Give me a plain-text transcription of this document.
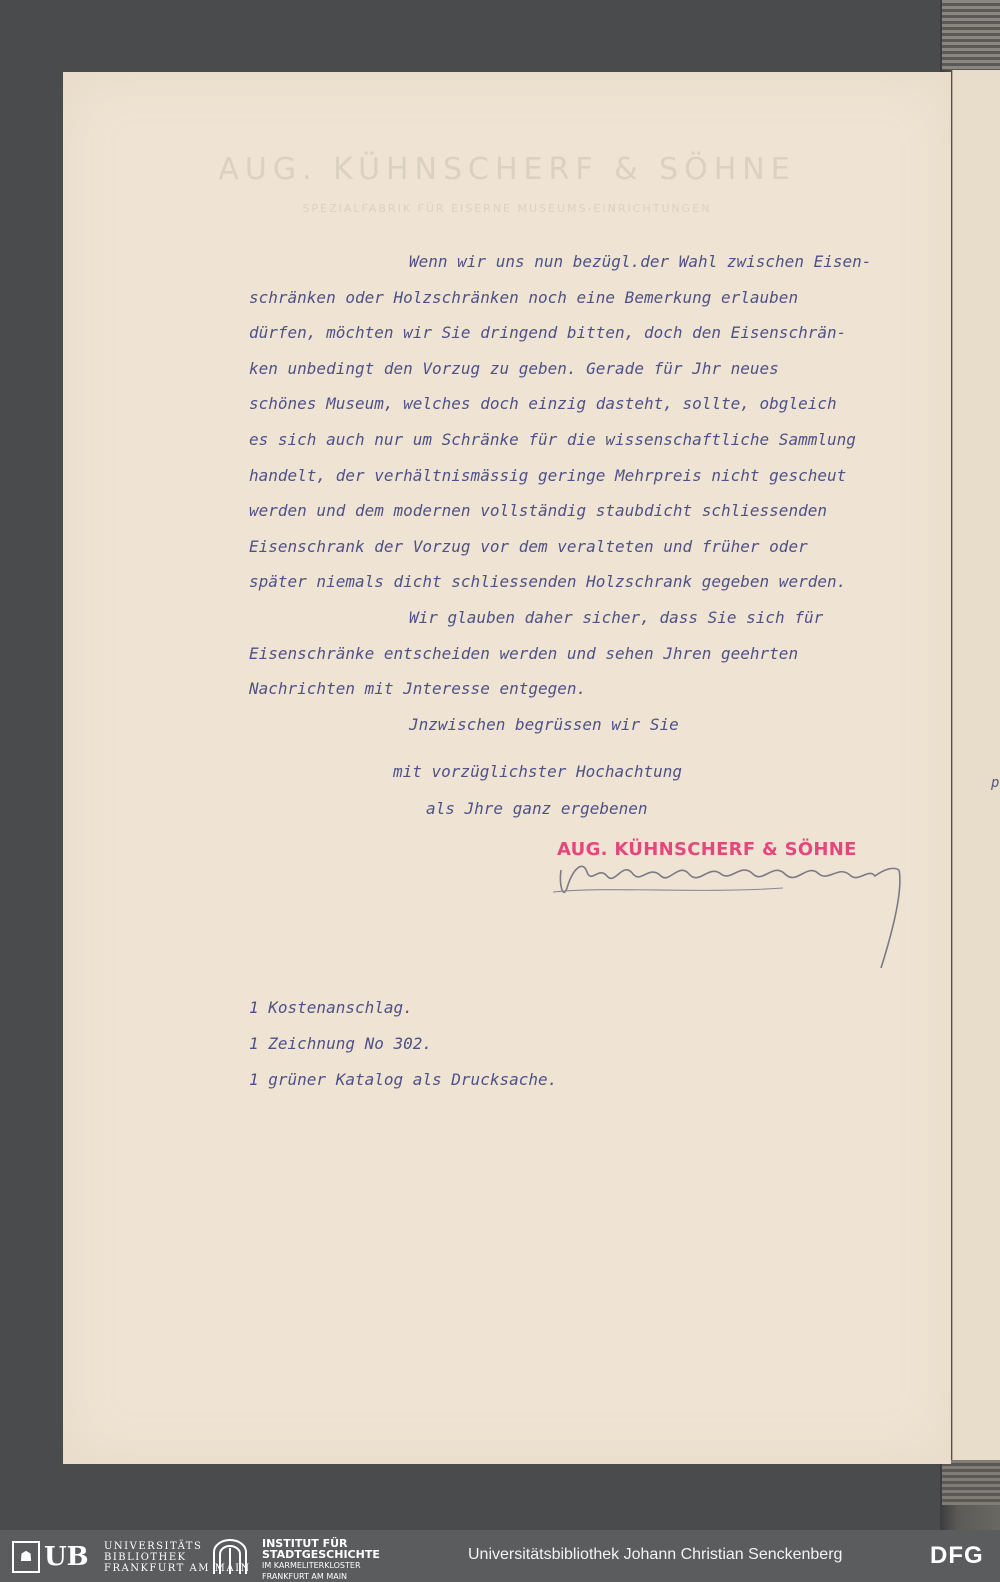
p
AUG. KÜHNSCHERF & SÖHNE
SPEZIALFABRIK FÜR EISERNE MUSEUMS-EINRICHTUNGEN
Wenn wir uns nun bezügl.der Wahl zwischen Eisen-
schränken oder Holzschränken noch eine Bemerkung erlauben
dürfen, möchten wir Sie dringend bitten, doch den Eisenschrän-
ken unbedingt den Vorzug zu geben. Gerade für Jhr neues
schönes Museum, welches doch einzig dasteht, sollte, obgleich
es sich auch nur um Schränke für die wissenschaftliche Sammlung
handelt, der verhältnismässig geringe Mehrpreis nicht gescheut
werden und dem modernen vollständig staubdicht schliessenden
Eisenschrank der Vorzug vor dem veralteten und früher oder
später niemals dicht schliessenden Holzschrank gegeben werden.
Wir glauben daher sicher, dass Sie sich für
Eisenschränke entscheiden werden und sehen Jhren geehrten
Nachrichten mit Jnteresse entgegen.
Jnzwischen begrüssen wir Sie
mit vorzüglichster Hochachtung
als Jhre ganz ergebenen
AUG. KÜHNSCHERF & SÖHNE
1 Kostenanschlag.
1 Zeichnung No 302.
1 grüner Katalog als Drucksache.
☗ UB UNIVERSITÄTS
BIBLIOTHEK
FRANKFURT AM MAIN
INSTITUT FÜR
STADTGESCHICHTE
IM KARMELITERKLOSTER
FRANKFURT AM MAIN
Universitätsbibliothek Johann Christian Senckenberg	DFG
